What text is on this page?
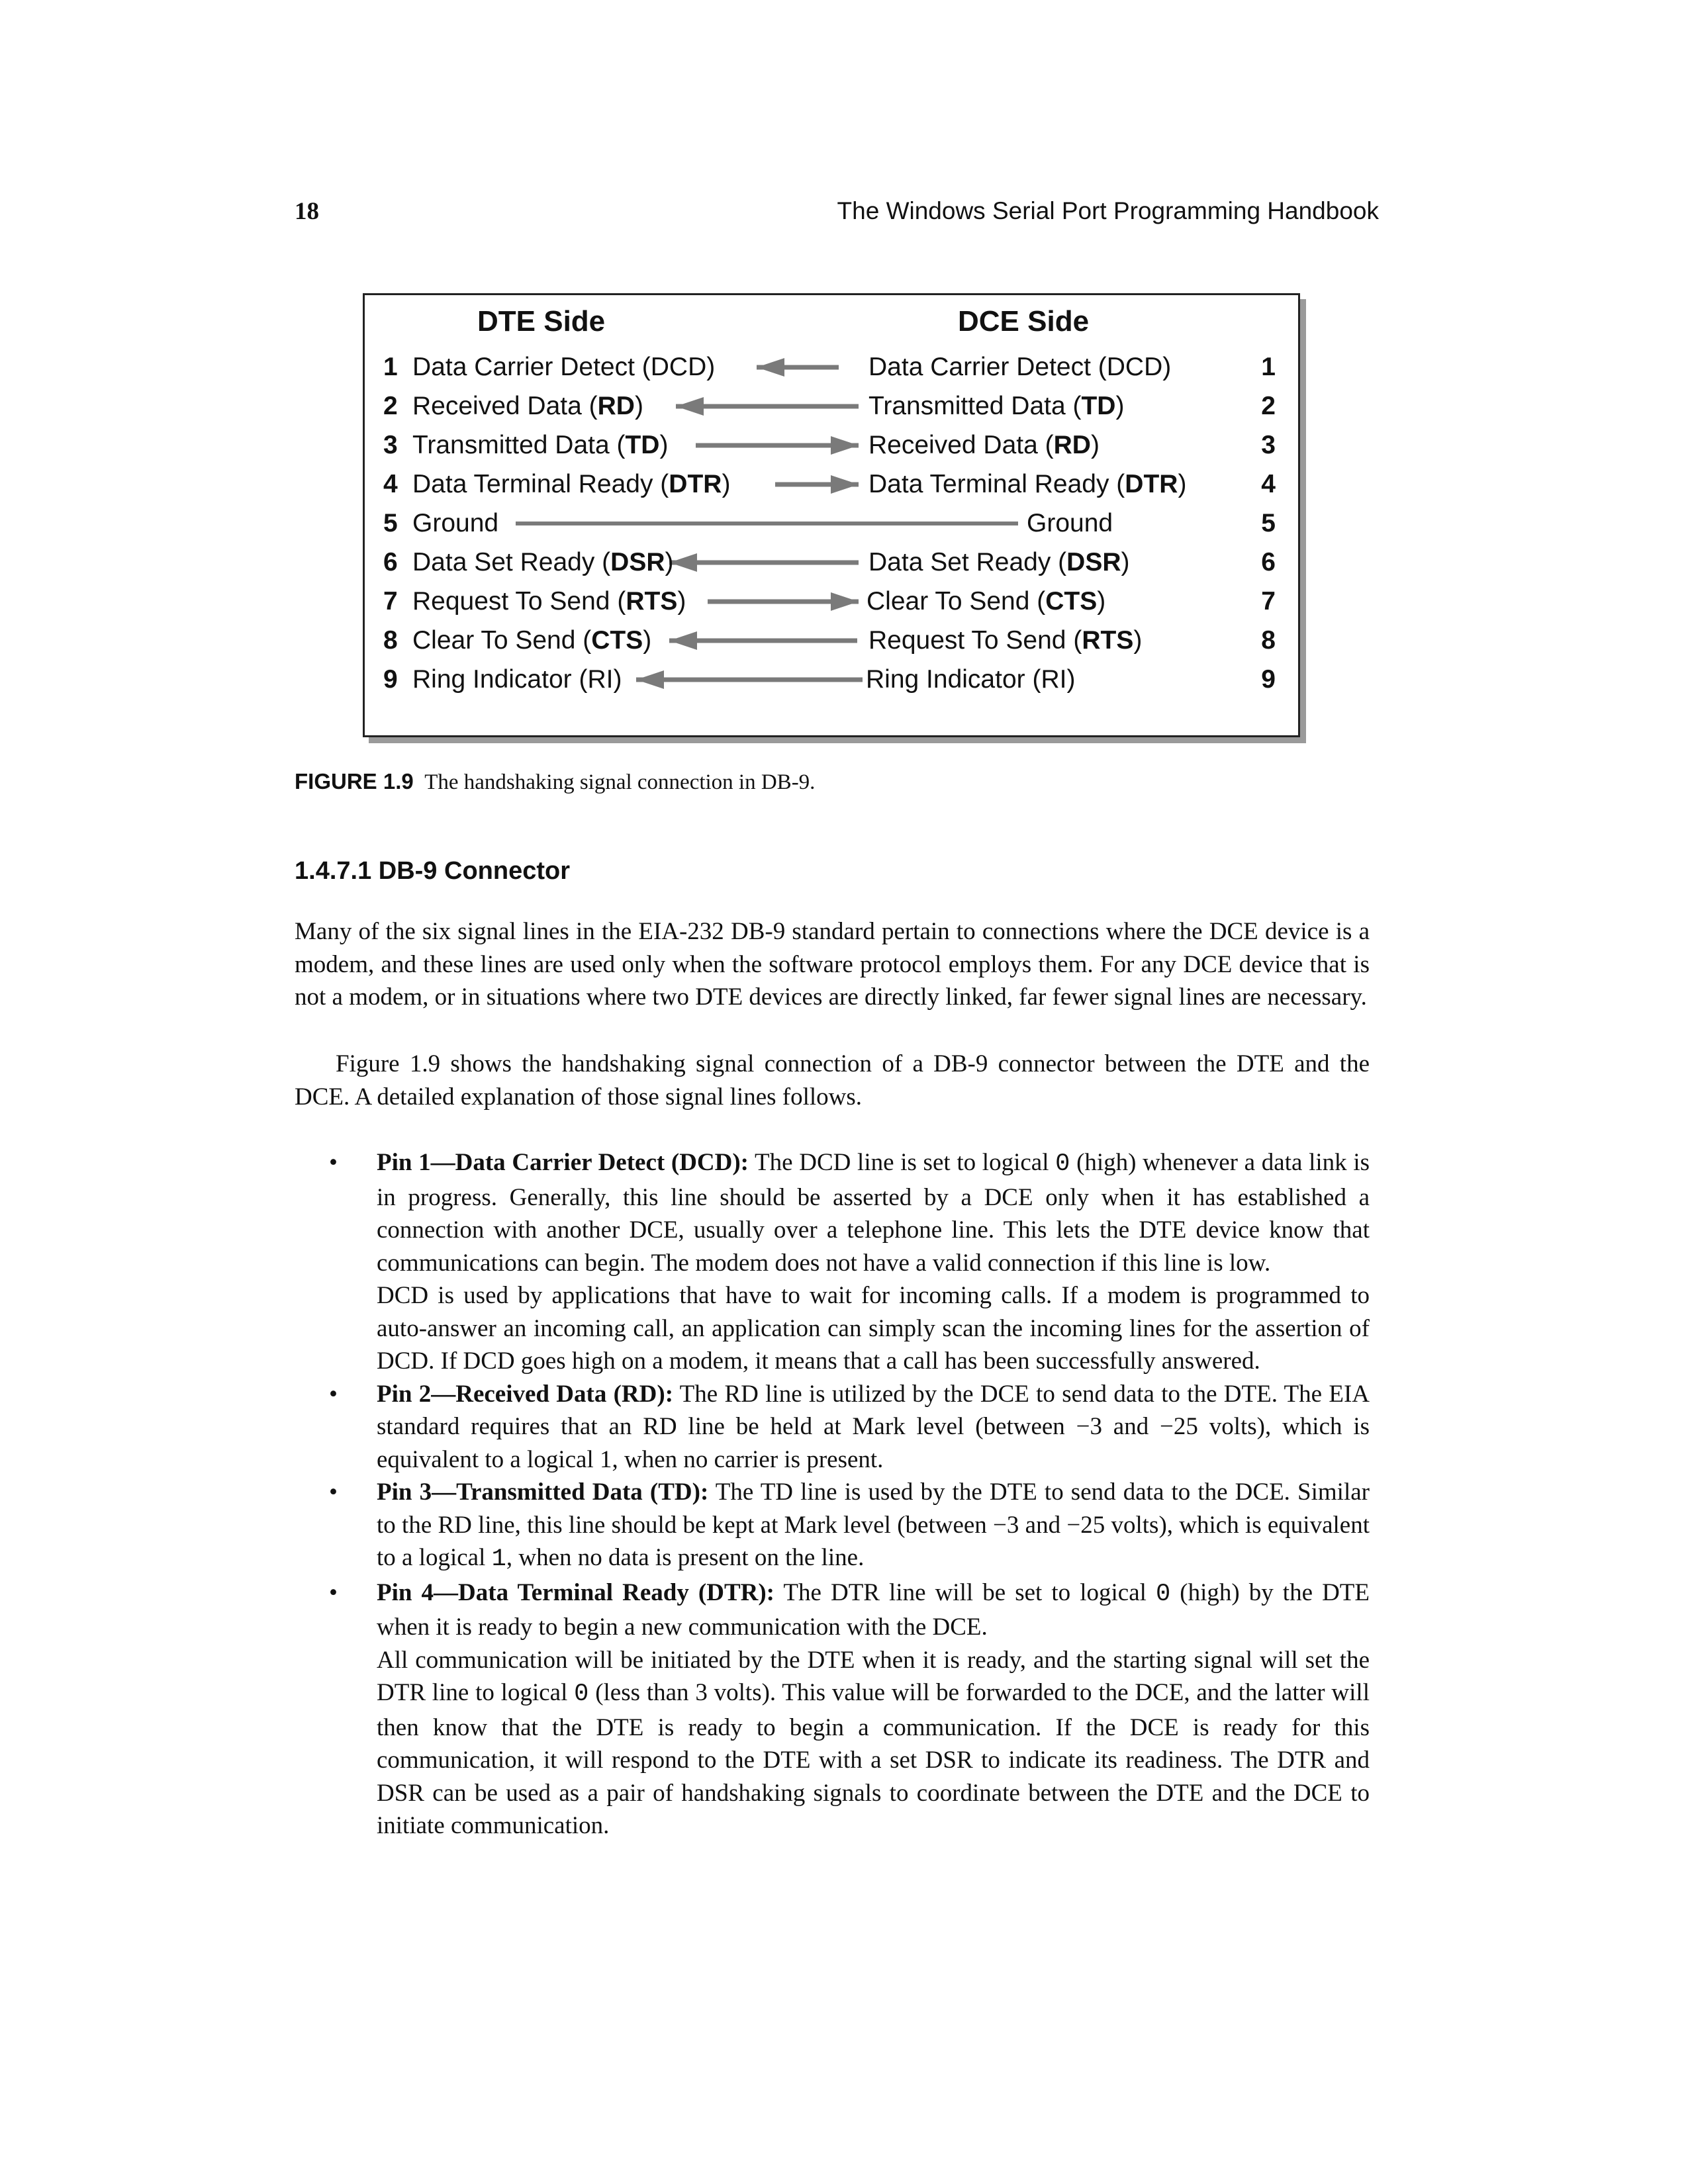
18	The Windows Serial Port Programming Handbook
DTE Side	DCE Side
1 Data Carrier Detect (DCD)	Data Carrier Detect (DCD)	1
2 Received Data (RD)	Transmitted Data (TD)	2
3 Transmitted Data (TD)	Received Data (RD)	3
4 Data Terminal Ready (DTR)	Data Terminal Ready (DTR)	4
5 Ground	Ground	5
6 Data Set Ready (DSR)	Data Set Ready (DSR)	6
7 Request To Send (RTS)	Clear To Send (CTS)	7
8 Clear To Send (CTS)	Request To Send (RTS)	8
9 Ring Indicator (RI)	Ring Indicator (RI)	9
FIGURE 1.9 The handshaking signal connection in DB-9.
1.4.7.1 DB-9 Connector

Many of the six signal lines in the EIA-232 DB-9 standard pertain to connections where the DCE device is a modem, and these lines are used only when the software protocol employs them. For any DCE device that is not a modem, or in situations where two DTE devices are directly linked, far fewer signal lines are necessary.

Figure 1.9 shows the handshaking signal connection of a DB-9 connector between the DTE and the DCE. A detailed explanation of those signal lines follows.

• Pin 1—Data Carrier Detect (DCD): The DCD line is set to logical 0 (high) whenever a data link is in progress. Generally, this line should be asserted by a DCE only when it has established a connection with another DCE, usually over a telephone line. This lets the DTE device know that communications can begin. The modem does not have a valid connection if this line is low.

DCD is used by applications that have to wait for incoming calls. If a modem is programmed to auto-answer an incoming call, an application can simply scan the incoming lines for the assertion of DCD. If DCD goes high on a modem, it means that a call has been successfully answered.

• Pin 2—Received Data (RD): The RD line is utilized by the DCE to send data to the DTE. The EIA standard requires that an RD line be held at Mark level (between −3 and −25 volts), which is equivalent to a logical 1, when no carrier is present.

• Pin 3—Transmitted Data (TD): The TD line is used by the DTE to send data to the DCE. Similar to the RD line, this line should be kept at Mark level (between −3 and −25 volts), which is equivalent to a logical 1, when no data is present on the line.

• Pin 4—Data Terminal Ready (DTR): The DTR line will be set to logical 0 (high) by the DTE when it is ready to begin a new communication with the DCE.

All communication will be initiated by the DTE when it is ready, and the starting signal will set the DTR line to logical 0 (less than 3 volts). This value will be forwarded to the DCE, and the latter will then know that the DTE is ready to begin a communication. If the DCE is ready for this communication, it will respond to the DTE with a set DSR to indicate its readiness. The DTR and DSR can be used as a pair of handshaking signals to coordinate between the DTE and the DCE to initiate communication.
